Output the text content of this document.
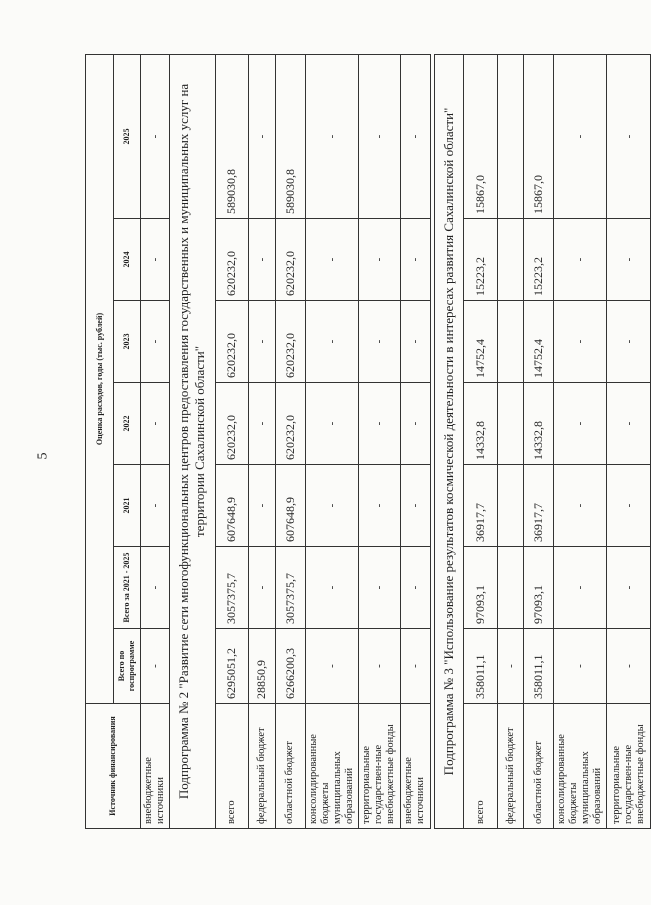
5
Источник финансирования	Оценка расходов, годы (тыс. рублей)						
	Всего по госпрограмме	Всего за 2021 - 2025	2021	2022	2023	2024	2025
внебюджетные источники	-	-	-	-	-	-	-
Подпрограмма № 2 "Развитие сети многофункциональных центров предоставления государственных и муниципальных услуг на территории Сахалинской области"							
всего	6295051,2	3057375,7	607648,9	620232,0	620232,0	620232,0	589030,8
федеральный бюджет	28850,9	-	-	-	-	-	-
областной бюджет	6266200,3	3057375,7	607648,9	620232,0	620232,0	620232,0	589030,8
консолидированные бюджеты муниципальных образований	-	-	-	-	-	-	-
территориальные государствен-ные внебюджетные фонды	-	-	-	-	-	-	-
внебюджетные источники	-	-	-	-	-	-	-

Подпрограмма № 3 "Использование результатов космической деятельности в интересах развития Сахалинской области"							
всего	358011,1	97093,1	36917,7	14332,8	14752,4	15223,2	15867,0
федеральный бюджет	-						
областной бюджет	358011,1	97093,1	36917,7	14332,8	14752,4	15223,2	15867,0
консолидированные бюджеты муниципальных образований	-	-	-	-	-	-	-
территориальные государствен-ные внебюджетные фонды	-	-	-	-	-	-	-
